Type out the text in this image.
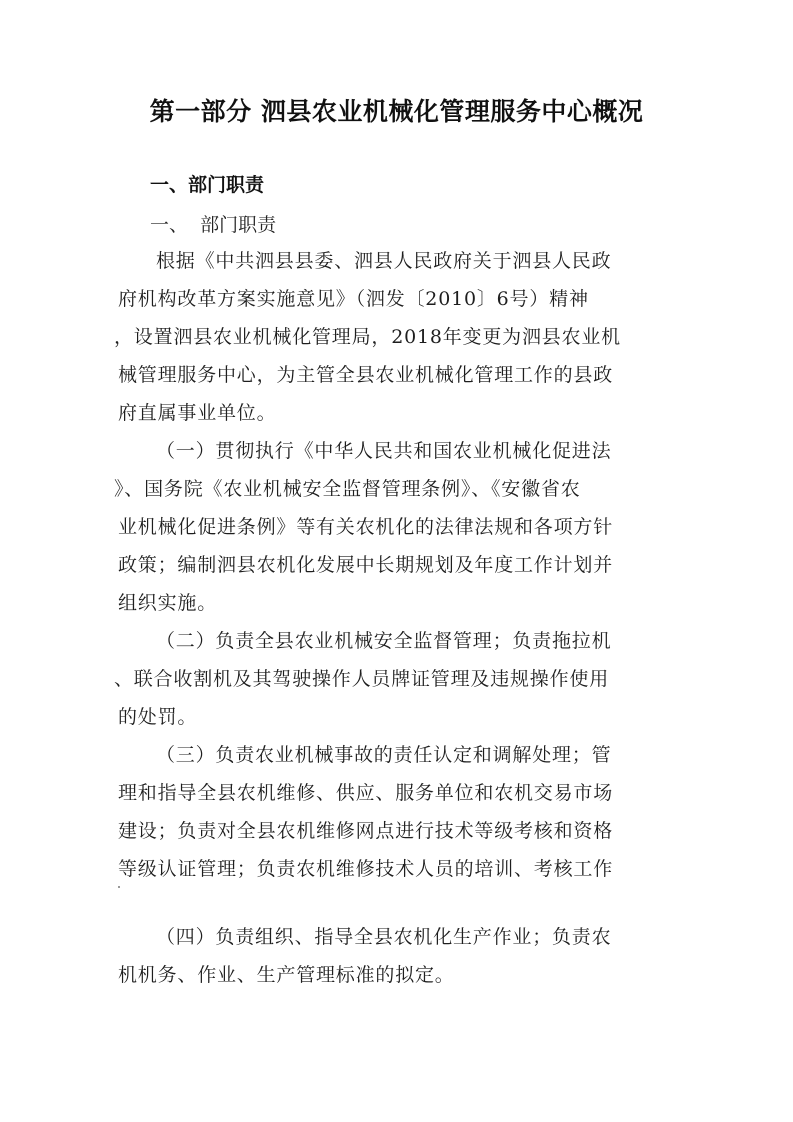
第一部分 泗县农业机械化管理服务中心概况
一、部门职责
一、  部门职责
根据《中共泗县县委、泗县人民政府关于泗县人民政
府机构改革方案实施意见》（泗发〔2010〕6号）精神
，设置泗县农业机械化管理局，2018年变更为泗县农业机
械管理服务中心，为主管全县农业机械化管理工作的县政
府直属事业单位。
（一）贯彻执行《中华人民共和国农业机械化促进法
》、国务院《农业机械安全监督管理条例》、《安徽省农
业机械化促进条例》等有关农机化的法律法规和各项方针
政策；编制泗县农机化发展中长期规划及年度工作计划并
组织实施。
（二）负责全县农业机械安全监督管理；负责拖拉机
、联合收割机及其驾驶操作人员牌证管理及违规操作使用
的处罚。
（三）负责农业机械事故的责任认定和调解处理；管
理和指导全县农机维修、供应、服务单位和农机交易市场
建设；负责对全县农机维修网点进行技术等级考核和资格
等级认证管理；负责农机维修技术人员的培训、考核工作
（四）负责组织、指导全县农机化生产作业；负责农
机机务、作业、生产管理标准的拟定。
